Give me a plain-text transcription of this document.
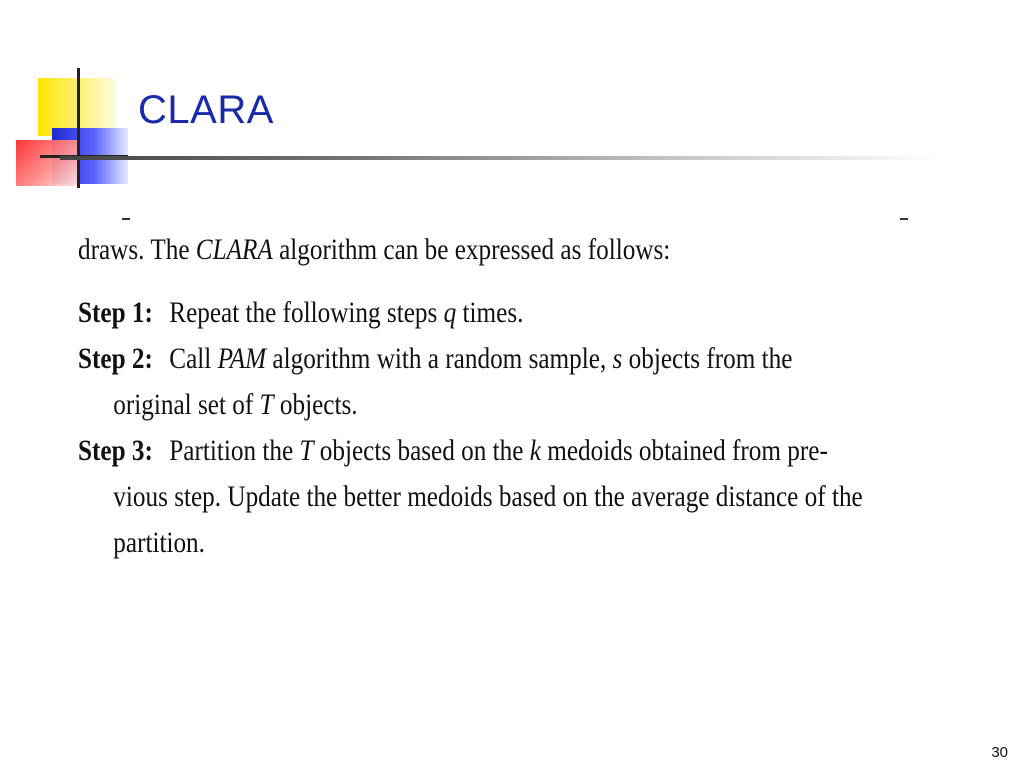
CLARA
draws. The CLARA algorithm can be expressed as follows:
Step 1: Repeat the following steps q times.
Step 2: Call PAM algorithm with a random sample, s objects from the
original set of T objects.
Step 3: Partition the T objects based on the k medoids obtained from pre-
vious step. Update the better medoids based on the average distance of the
partition.
30
